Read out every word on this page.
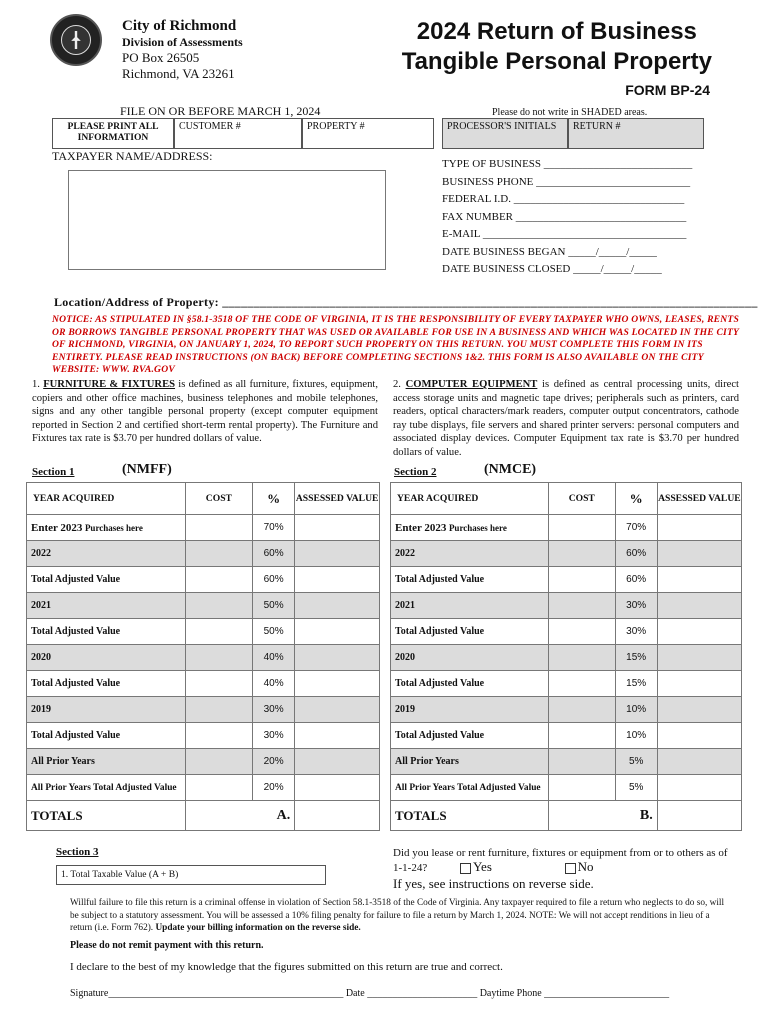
City of Richmond
Division of Assessments
PO Box 26505
Richmond, VA 23261
2024 Return of Business
Tangible Personal Property
FORM BP-24
FILE ON OR BEFORE MARCH 1, 2024	Please do not write in SHADED areas.
PLEASE PRINT ALL INFORMATION
CUSTOMER #	PROPERTY #	PROCESSOR'S INITIALS	RETURN #
TAXPAYER NAME/ADDRESS:
TYPE OF BUSINESS ___________________________
BUSINESS PHONE ____________________________
FEDERAL I.D. _______________________________
FAX NUMBER _______________________________
E-MAIL _____________________________________
DATE BUSINESS BEGAN _____/_____/_____
DATE BUSINESS CLOSED _____/_____/_____
Location/Address of Property: _____________________________________________________________________________________
NOTICE: AS STIPULATED IN §58.1-3518 OF THE CODE OF VIRGINIA, IT IS THE RESPONSIBILITY OF EVERY TAXPAYER WHO OWNS, LEASES, RENTS OR BORROWS TANGIBLE PERSONAL PROPERTY THAT WAS USED OR AVAILABLE FOR USE IN A BUSINESS AND WHICH WAS LOCATED IN THE CITY OF RICHMOND, VIRGINIA, ON JANUARY 1, 2024, TO REPORT SUCH PROPERTY ON THIS RETURN. YOU MUST COMPLETE THIS FORM IN ITS ENTIRETY. PLEASE READ INSTRUCTIONS (ON BACK) BEFORE COMPLETING SECTIONS 1&2. THIS FORM IS ALSO AVAILABLE ON THE CITY WEBSITE: WWW. RVA.GOV
1. FURNITURE & FIXTURES is defined as all furniture, fixtures, equipment, copiers and other office machines, business telephones and mobile telephones, signs and any other tangible personal property (except computer equipment reported in Section 2 and certified short-term rental property). The Furniture and Fixtures tax rate is $3.70 per hundred dollars of value.
2. COMPUTER EQUIPMENT is defined as central processing units, direct access storage units and magnetic tape drives; peripherals such as printers, card readers, optical characters/mark readers, computer output concentrators, cathode ray tube displays, file servers and shared printer servers: personal computers and associated display devices. Computer Equipment tax rate is $3.70 per hundred dollars of value.
Section 1	(NMFF)	Section 2	(NMCE)
YEAR ACQUIRED	COST	%	ASSESSED VALUE
Enter 2023 Purchases here		70%	
2022		60%	
Total Adjusted Value		60%	
2021		50%	
Total Adjusted Value		50%	
2020		40%	
Total Adjusted Value		40%	
2019		30%	
Total Adjusted Value		30%	
All Prior Years		20%	
All Prior Years Total Adjusted Value		20%	
TOTALS		A.	
YEAR ACQUIRED	COST	%	ASSESSED VALUE
Enter 2023 Purchases here		70%	
2022		60%	
Total Adjusted Value		60%	
2021		30%	
Total Adjusted Value		30%	
2020		15%	
Total Adjusted Value		15%	
2019		10%	
Total Adjusted Value		10%	
All Prior Years		5%	
All Prior Years Total Adjusted Value		5%	
TOTALS		B.	
Section 3
1. Total Taxable Value (A + B)
Did you lease or rent furniture, fixtures or equipment from or to others as of 1-1-24?	Yes	No
If yes, see instructions on reverse side.
Willful failure to file this return is a criminal offense in violation of Section 58.1-3518 of the Code of Virginia. Any taxpayer required to file a return who neglects to do so, will be subject to a statutory assessment. You will be assessed a 10% filing penalty for failure to file a return by March 1, 2024. NOTE: We will not accept renditions in lieu of a return (i.e. Form 762). Update your billing information on the reverse side.
Please do not remit payment with this return.
I declare to the best of my knowledge that the figures submitted on this return are true and correct.
Signature_______________________________________________ Date ______________________ Daytime Phone _________________________
